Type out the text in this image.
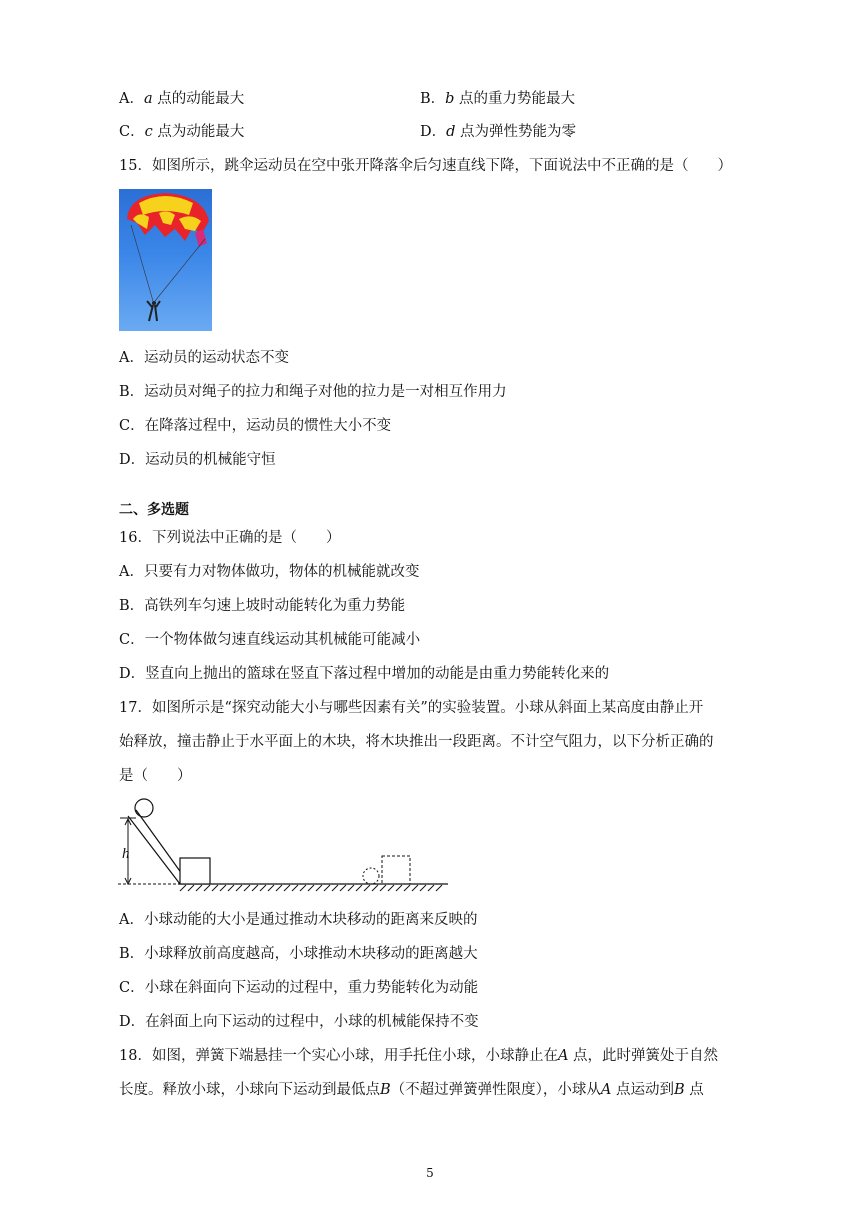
A．a 点的动能最大	B．b 点的重力势能最大
C．c 点为动能最大	D．d 点为弹性势能为零
15．如图所示，跳伞运动员在空中张开降落伞后匀速直线下降，下面说法中不正确的是（　　）
A．运动员的运动状态不变
B．运动员对绳子的拉力和绳子对他的拉力是一对相互作用力
C．在降落过程中，运动员的惯性大小不变
D．运动员的机械能守恒
二、多选题
16．下列说法中正确的是（　　）
A．只要有力对物体做功，物体的机械能就改变
B．高铁列车匀速上坡时动能转化为重力势能
C．一个物体做匀速直线运动其机械能可能减小
D．竖直向上抛出的篮球在竖直下落过程中增加的动能是由重力势能转化来的
17．如图所示是“探究动能大小与哪些因素有关”的实验装置。小球从斜面上某高度由静止开
始释放，撞击静止于水平面上的木块，将木块推出一段距离。不计空气阻力，以下分析正确的
是（　　）
h
A．小球动能的大小是通过推动木块移动的距离来反映的
B．小球释放前高度越高，小球推动木块移动的距离越大
C．小球在斜面向下运动的过程中，重力势能转化为动能
D．在斜面上向下运动的过程中，小球的机械能保持不变
18．如图，弹簧下端悬挂一个实心小球，用手托住小球，小球静止在A 点，此时弹簧处于自然
长度。释放小球，小球向下运动到最低点B（不超过弹簧弹性限度），小球从A 点运动到B 点
5
